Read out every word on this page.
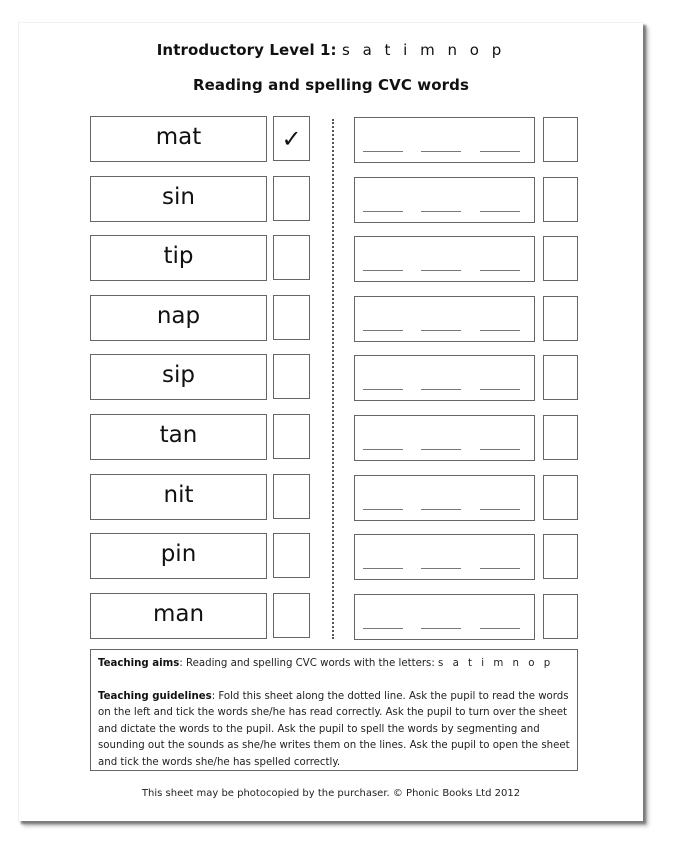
Introductory Level 1: s a t i m n o p
Reading and spelling CVC words
mat	✓
sin
tip
nap
sip
tan
nit
pin
man

Teaching aims: Reading and spelling CVC words with the letters: s a t i m n o p

Teaching guidelines: Fold this sheet along the dotted line. Ask the pupil to read the words on the left and tick the words she/he has read correctly. Ask the pupil to turn over the sheet and dictate the words to the pupil. Ask the pupil to spell the words by segmenting and sounding out the sounds as she/he writes them on the lines. Ask the pupil to open the sheet and tick the words she/he has spelled correctly.

This sheet may be photocopied by the purchaser. © Phonic Books Ltd 2012
